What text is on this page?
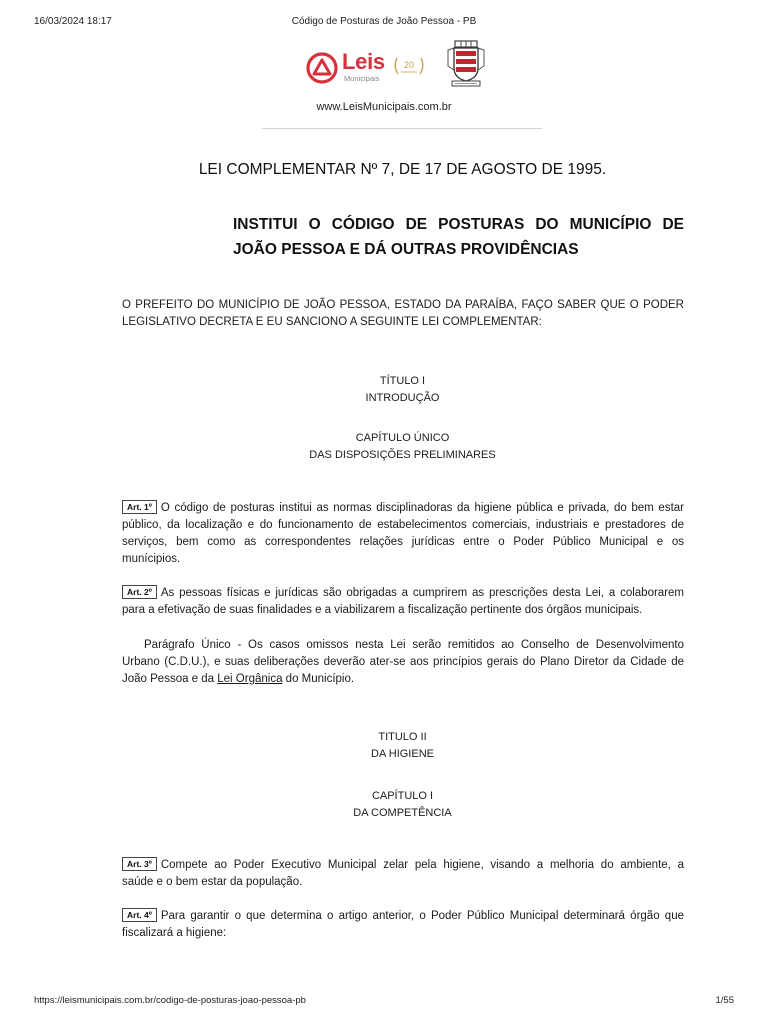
16/03/2024 18:17	Código de Posturas de João Pessoa - PB
Leis
Municipais
20
www.LeisMunicipais.com.br
LEI COMPLEMENTAR Nº 7, DE 17 DE AGOSTO DE 1995.
INSTITUI O CÓDIGO DE POSTURAS DO MUNICÍPIO DE
JOÃO PESSOA E DÁ OUTRAS PROVIDÊNCIAS
O PREFEITO DO MUNICÍPIO DE JOÃO PESSOA, ESTADO DA PARAÍBA, FAÇO SABER QUE O PODER
LEGISLATIVO DECRETA E EU SANCIONO A SEGUINTE LEI COMPLEMENTAR:
TÍTULO I
INTRODUÇÃO
CAPÍTULO ÚNICO
DAS DISPOSIÇÕES PRELIMINARES
Art. 1º O código de posturas institui as normas disciplinadoras da higiene pública e privada, do bem estar
público, da localização e do funcionamento de estabelecimentos comerciais, industriais e prestadores de
serviços, bem como as correspondentes relações jurídicas entre o Poder Público Municipal e os
munícipios.
Art. 2º As pessoas físicas e jurídicas são obrigadas a cumprirem as prescrições desta Lei, a colaborarem
para a efetivação de suas finalidades e a viabilizarem a fiscalização pertinente dos órgãos municipais.
Parágrafo Único - Os casos omissos nesta Lei serão remitidos ao Conselho de Desenvolvimento
Urbano (C.D.U.), e suas deliberações deverão ater-se aos princípios gerais do Plano Diretor da Cidade de
João Pessoa e da Lei Orgânica do Município.
TITULO II
DA HIGIENE
CAPÍTULO I
DA COMPETÊNCIA
Art. 3º Compete ao Poder Executivo Municipal zelar pela higiene, visando a melhoria do ambiente, a
saúde e o bem estar da população.
Art. 4º Para garantir o que determina o artigo anterior, o Poder Público Municipal determinará órgão que
fiscalizará a higiene:
https://leismunicipais.com.br/codigo-de-posturas-joao-pessoa-pb	1/55
